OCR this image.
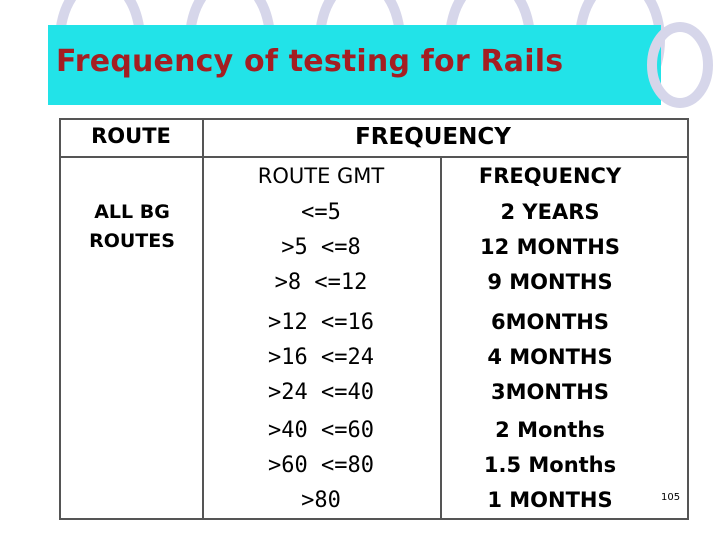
Frequency of testing for Rails
ROUTE	FREQUENCY
ALL BG ROUTES
ROUTE GMT	FREQUENCY
<=5	2 YEARS
>5 <=8	12 MONTHS
>8 <=12	9 MONTHS
>12 <=16	6MONTHS
>16 <=24	4 MONTHS
>24 <=40	3MONTHS
>40 <=60	2 Months
>60 <=80	1.5 Months
>80	1 MONTHS	105
